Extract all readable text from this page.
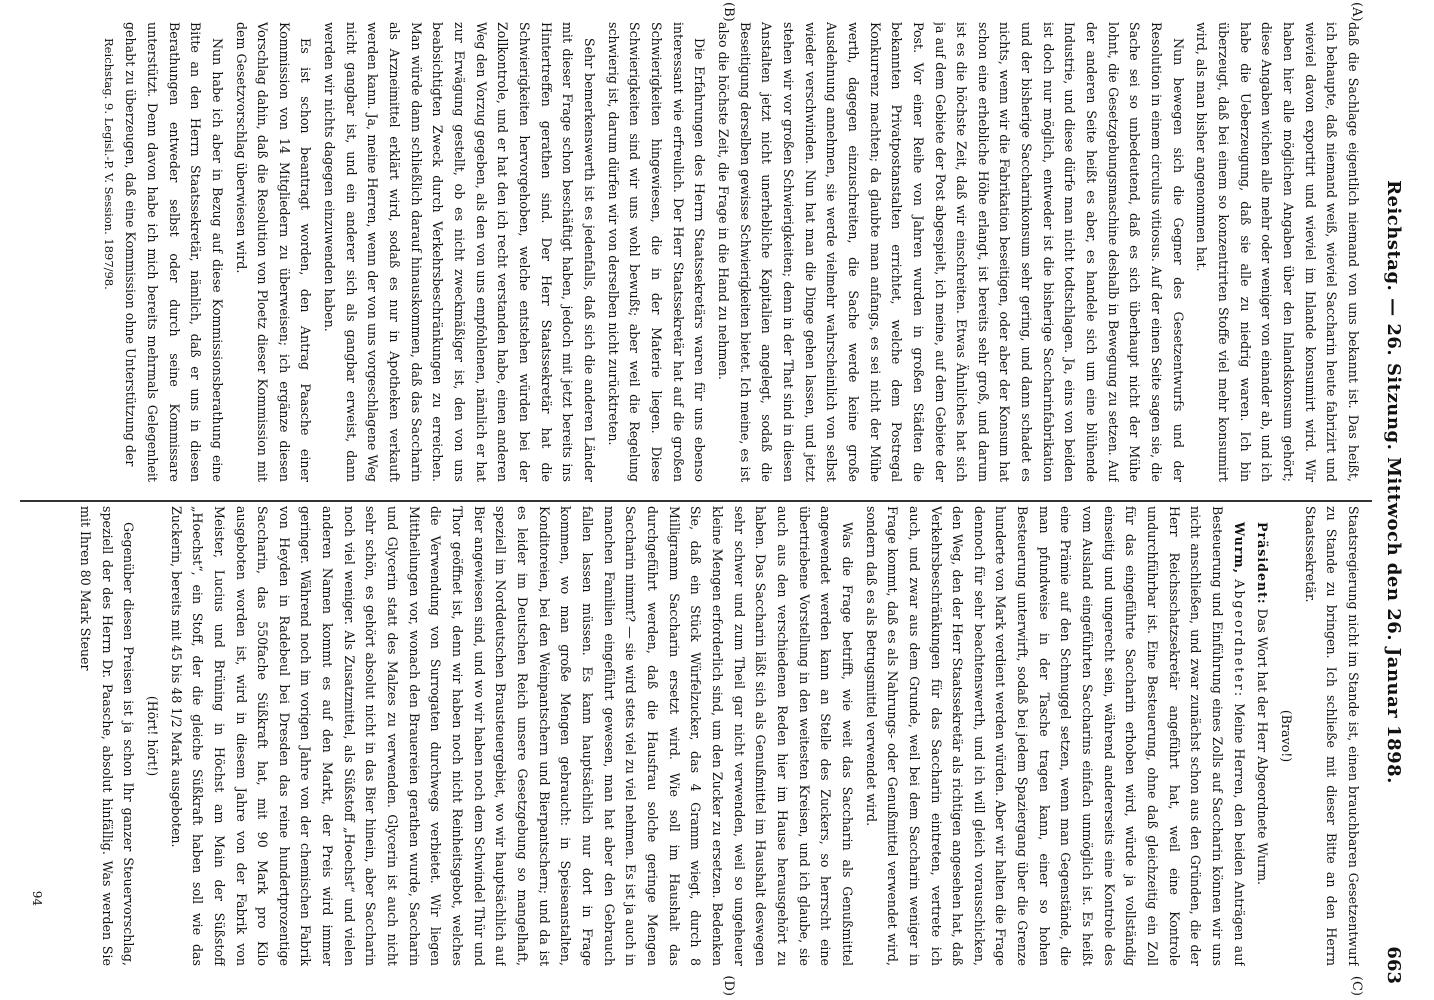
Reichstag. — 26. Sitzung. Mittwoch den 26. Januar 1898.
663
(A)
(B)
(C)
(D)

daß die Sachlage eigentlich niemand von uns bekannt ist. Das heißt, ich behaupte, daß niemand weiß, wieviel Saccharin heute fabrizirt und wieviel davon exportirt und wieviel im Inlande konsumirt wird. Wir haben hier alle möglichen Angaben über den Inlandskonsum gehört; diese Angaben wichen alle mehr oder weniger von einander ab, und ich habe die Ueberzeugung, daß sie alle zu niedrig waren. Ich bin überzeugt, daß bei einem so konzentrirten Stoffe viel mehr konsumirt wird, als man bisher angenommen hat.

Nun bewegen sich die Gegner des Gesetzentwurfs und der Resolution in einem circulus vitiosus. Auf der einen Seite sagen sie, die Sache sei so unbedeutend, daß es sich überhaupt nicht der Mühe lohnt, die Gesetzgebungsmaschine deshalb in Bewegung zu setzen. Auf der anderen Seite heißt es aber, es handele sich um eine blühende Industrie, und diese dürfe man nicht todtschlagen. Ja, eins von beiden ist doch nur möglich, entweder ist die bisherige Saccharinfabrikation und der bisherige Saccharinkonsum sehr gering, und dann schadet es nichts, wenn wir die Fabrikation beseitigen, oder aber der Konsum hat schon eine erhebliche Höhe erlangt, ist bereits sehr groß, und darum ist es die höchste Zeit, daß wir einschreiten. Etwas Ähnliches hat sich ja auf dem Gebiete der Post abgespielt, ich meine, auf dem Gebiete der Post. Vor einer Reihe von Jahren wurden in großen Städten die bekannten Privatpostanstalten errichtet, welche dem Postregal Konkurrenz machten; da glaubte man anfangs, es sei nicht der Mühe werth, dagegen einzuschreiten, die Sache werde keine große Ausdehnung annehmen, sie werde vielmehr wahrscheinlich von selbst wieder verschwinden. Nun hat man die Dinge gehen lassen, und jetzt stehen wir vor großen Schwierigkeiten; denn in der That sind in diesen Anstalten jetzt nicht unerhebliche Kapitalien angelegt, sodaß die Beseitigung derselben gewisse Schwierigkeiten bietet. Ich meine, es ist also die höchste Zeit, die Frage in die Hand zu nehmen.

Die Erfahrungen des Herrn Staatssekretärs waren für uns ebenso interessant wie erfreulich. Der Herr Staatssekretär hat auf die großen Schwierigkeiten hingewiesen, die in der Materie liegen. Diese Schwierigkeiten sind wir uns wohl bewußt; aber weil die Regelung schwierig ist, darum dürfen wir von derselben nicht zurücktreten.

Sehr bemerkenswerth ist es jedenfalls, daß sich die anderen Länder mit dieser Frage schon beschäftigt haben, jedoch mit jetzt bereits ins Hintertreffen gerathen sind. Der Herr Staatssekretär hat die Schwierigkeiten hervorgehoben, welche entstehen würden bei der Zollkontrole, und er hat den ich recht verstanden habe, einen anderen Weg den Vorzug gegeben, als den von uns empfohlenen, nämlich er hat zur Erwägung gestellt, ob es nicht zweckmäßiger ist, den von uns beabsichtigten Zweck durch Verkehrsbeschränkungen zu erreichen. Man würde dann schließlich darauf hinauskommen, daß das Saccharin als Arzneimittel erklärt wird, sodaß es nur in Apotheken verkauft werden kann. Ja, meine Herren, wenn der von uns vorgeschlagene Weg nicht gangbar ist, und ein anderer sich als gangbar erweist, dann werden wir nichts dagegen einzuwenden haben.

Es ist schon beantragt worden, den Antrag Paasche einer Kommission von 14 Mitgliedern zu überweisen; ich ergänze diesen Vorschlag dahin, daß die Resolution von Ploetz dieser Kommission mit dem Gesetzvorschlag überwiesen wird.

Nun habe ich aber in Bezug auf diese Kommissionsberathung eine Bitte an den Herrn Staatssekretär, nämlich, daß er uns in diesen Berathungen entweder selbst oder durch seine Kommissare unterstützt. Denn davon habe ich mich bereits mehrmals Gelegenheit gehabt zu überzeugen, daß eine Kommission ohne Unterstützung der

Reichstag. 9. Legisl.-P. V. Session. 1897/98.

Staatsregierung nicht im Stande ist, einen brauchbaren Gesetzentwurf zu Stande zu bringen. Ich schließe mit dieser Bitte an den Herrn Staatssekretär.

(Bravo!)

Präsident: Das Wort hat der Herr Abgeordnete Wurm.

Wurm, Abgeordneter: Meine Herren, den beiden Anträgen auf Besteuerung und Einführung eines Zolls auf Saccharin können wir uns nicht anschließen, und zwar zunächst schon aus den Gründen, die der Herr Reichsschatzsekretär angeführt hat, weil eine Kontrole undurchführbar ist. Eine Besteuerung, ohne daß gleichzeitig ein Zoll für das eingeführte Saccharin erhoben wird, würde ja vollständig einseitig und ungerecht sein, während andererseits eine Kontrole des vom Ausland eingeführten Saccharins einfach unmöglich ist. Es heißt eine Prämie auf den Schmuggel setzen, wenn man Gegenstände, die man pfundweise in der Tasche tragen kann, einer so hohen Besteuerung unterwirft, sodaß bei jedem Spaziergang über die Grenze hunderte von Mark verdient werden würden. Aber wir halten die Frage dennoch für sehr beachtenswerth, und ich will gleich vorausschicken, den Weg, den der Herr Staatssekretär als richtigen angesehen hat, daß Verkehrsbeschränkungen für das Saccharin eintreten, vertrete ich auch, und zwar aus dem Grunde, weil bei dem Saccharin weniger in Frage kommt, daß es als Nahrungs- oder Genußmittel verwendet wird, sondern daß es als Betrugsmittel verwendet wird.

Was die Frage betrifft, wie weit das Saccharin als Genußmittel angewendet werden kann an Stelle des Zuckers, so herrscht eine übertriebene Vorstellung in den weitesten Kreisen, und ich glaube, sie auch aus den verschiedenen Reden hier im Hause herausgehört zu haben. Das Saccharin läßt sich als Genußmittel im Haushalt deswegen sehr schwer und zum Theil gar nicht verwenden, weil so ungeheuer kleine Mengen erforderlich sind, um den Zucker zu ersetzen. Bedenken Sie, daß ein Stück Würfelzucker, das 4 Gramm wiegt, durch 8 Milligramm Saccharin ersetzt wird. Wie soll im Haushalt das durchgeführt werden, daß die Hausfrau solche geringe Mengen Saccharin nimmt? — sie wird stets viel zu viel nehmen. Es ist ja auch in manchen Familien eingeführt gewesen, man hat aber den Gebrauch fallen lassen müssen. Es kann hauptsächlich nur dort in Frage kommen, wo man große Mengen gebraucht: in Speiseanstalten, Konditoreien, bei den Weinpantschern und Bierpantschern; und da ist es leider im Deutschen Reich unsere Gesetzgebung so mangelhaft, speziell im Norddeutschen Brausteuergebiet, wo wir hauptsächlich auf Bier angewiesen sind, und wo wir haben noch dem Schwindel Thür und Thor geöffnet ist, denn wir haben noch nicht Reinheitsgebot, welches die Verwendung von Surrogaten durchwegs verbietet. Wir liegen Mittheilungen vor, wonach den Brauereien gerathen wurde, Saccharin und Glycerin statt des Malzes zu verwenden. Glycerin ist auch nicht sehr schön, es gehört absolut nicht in das Bier hinein, aber Saccharin noch viel weniger. Als Zusatzmittel, als Süßstoff „Hoechst“ und vielen anderen Namen kommt es auf den Markt, der Preis wird immer geringer. Während noch im vorigen Jahre von der chemischen Fabrik von Heyden in Radebeul bei Dresden das reine hundertprozentige Saccharin, das 550fache Süßkraft hat, mit 90 Mark pro Kilo ausgeboten worden ist, wird in diesem Jahre von der Fabrik von Meister, Lucius und Brüning in Höchst am Main der Süßstoff „Hoechst“, ein Stoff, der die gleiche Süßkraft haben soll wie das Zuckerin, bereits mit 45 bis 48 1/2 Mark ausgeboten.

(Hört! hört!)

Gegenüber diesen Preisen ist ja schon Ihr ganzer Steuervorschlag, speziell der des Herrn Dr. Paasche, absolut hinfällig. Was werden Sie mit Ihren 80 Mark Steuer

94
